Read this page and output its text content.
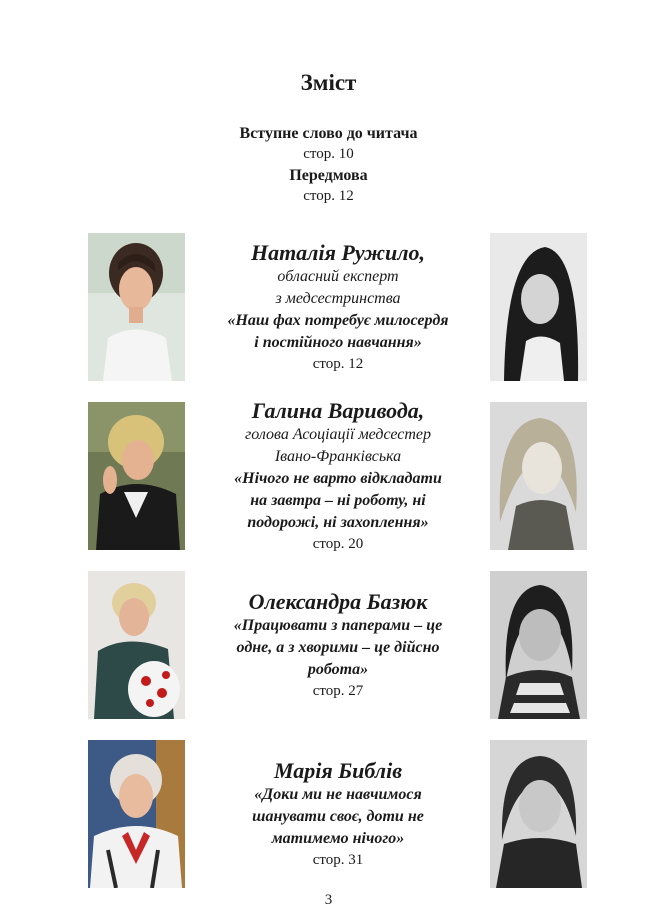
Зміст
Вступне слово до читача
стор. 10
Передмова
стор. 12
Наталія Ружило,
обласний експерт
з медсестринства
«Наш фах потребує милосердя
і постійного навчання»
стор. 12
Галина Варивода,
голова Асоціації медсестер
Івано-Франківська
«Нічого не варто відкладати
на завтра – ні роботу, ні
подорожі, ні захоплення»
стор. 20
Олександра Базюк
«Працювати з паперами – це
одне, а з хворими – це дійсно
робота»
стор. 27
Марія Библів
«Доки ми не навчимося
шанувати своє, доти не
матимемо нічого»
стор. 31
3
